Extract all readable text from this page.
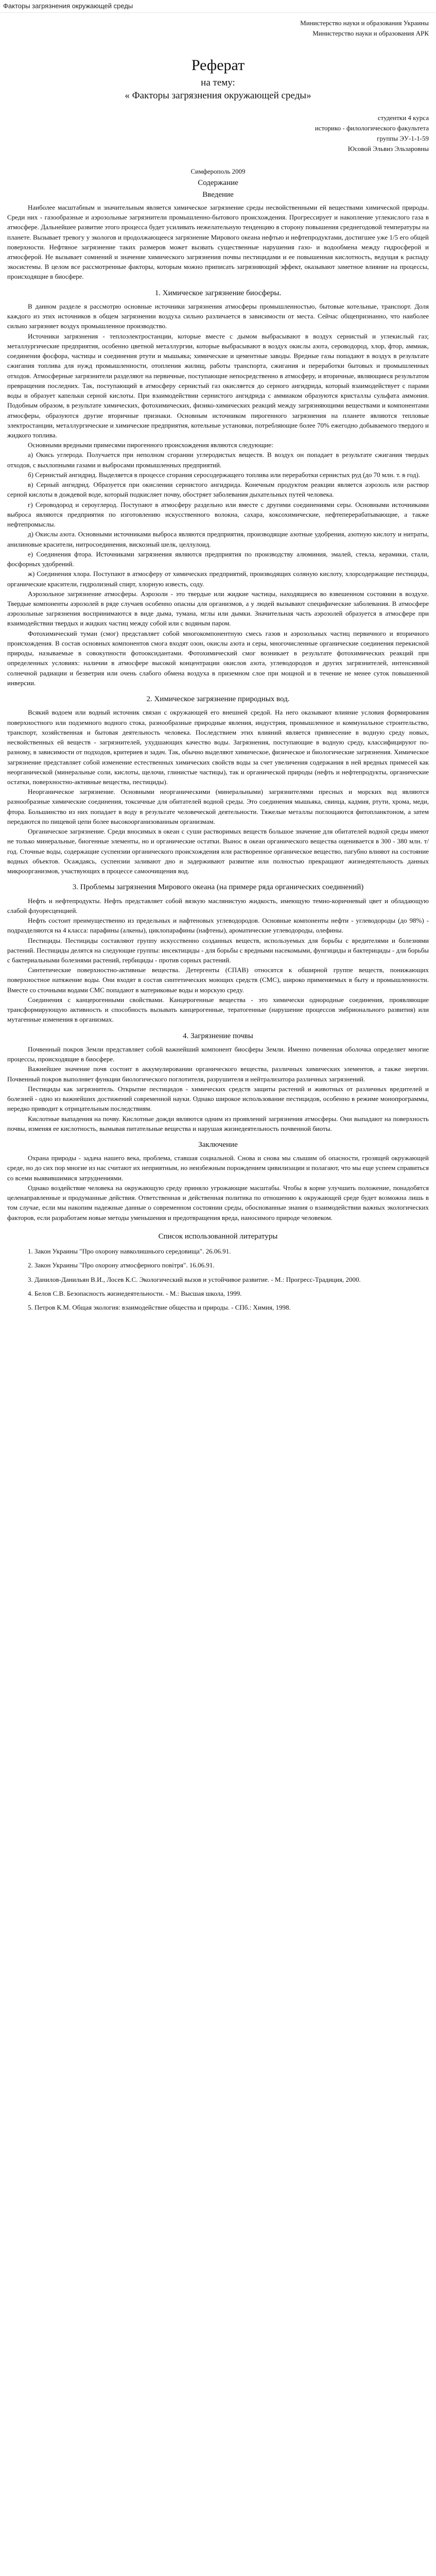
Факторы загрязнения окружающей среды
Министерство науки и образования Украины
Министерство науки и образования АРК
Реферат
на тему:
« Факторы загрязнения окружающей среды»
студентки 4 курса
историко - филологического факультета
группы ЭУ-1-1-59
Юсовой Эльвиз Эльзаровны
Симферополь 2009
Содержание
Введение

Наиболее масштабным и значительным является химическое загрязнение среды несвойственными ей веществами химической природы. Среди них - газообразные и аэрозольные загрязнители промышленно-бытового происхождения. Прогрессирует и накопление углекислого газа в атмосфере. Дальнейшее развитие этого процесса будет усиливать нежелательную тенденцию в сторону повышения среднегодовой температуры на планете. Вызывает тревогу у экологов и продолжающееся загрязнение Мирового океана нефтью и нефтепродуктами, достигшее уже 1/5 его общей поверхности. Нефтяное загрязнение таких размеров может вызвать существенные нарушения газо- и водообмена между гидросферой и атмосферой. Не вызывает сомнений и значение химического загрязнения почвы пестицидами и ее повышенная кислотность, ведущая к распаду экосистемы. В целом все рассмотренные факторы, которым можно приписать загрязняющий эффект, оказывают заметное влияние на процессы, происходящие в биосфере.

1. Химическое загрязнение биосферы.

В данном разделе я рассмотрю основные источники загрязнения атмосферы промышленностью, бытовые котельные, транспорт. Доля каждого из этих источников в общем загрязнении воздуха сильно различается в зависимости от места. Сейчас общепризнанно, что наиболее сильно загрязняет воздух промышленное производство.

Источники загрязнения - теплоэлектростанции, которые вместе с дымом выбрасывают в воздух сернистый и углекислый газ; металлургические предприятия, особенно цветной металлургии, которые выбрасывают в воздух окислы азота, сероводород, хлор, фтор, аммиак, соединения фосфора, частицы и соединения ртути и мышьяка; химические и цементные заводы. Вредные газы попадают в воздух в результате сжигания топлива для нужд промышленности, отопления жилищ, работы транспорта, сжигания и переработки бытовых и промышленных отходов. Атмосферные загрязнители разделяют на первичные, поступающие непосредственно в атмосферу, и вторичные, являющиеся результатом превращения последних. Так, поступающий в атмосферу сернистый газ окисляется до серного ангидрида, который взаимодействует с парами воды и образует капельки серной кислоты. При взаимодействии сернистого ангидрида с аммиаком образуются кристаллы сульфата аммония. Подобным образом, в результате химических, фотохимических, физико-химических реакций между загрязняющими веществами и компонентами атмосферы, образуются другие вторичные признаки. Основным источником пирогенного загрязнения на планете являются тепловые электростанции, металлургические и химические предприятия, котельные установки, потребляющие более 70% ежегодно добываемого твердого и жидкого топлива.

Основными вредными примесями пирогенного происхождения являются следующие:

а) Окись углерода. Получается при неполном сгорании углеродистых веществ. В воздух он попадает в результате сжигания твердых отходов, с выхлопными газами и выбросами промышленных предприятий.

б) Сернистый ангидрид. Выделяется в процессе сгорания серосодержащего топлива или переработки сернистых руд (до 70 млн. т. в год).

в) Серный ангидрид. Образуется при окислении сернистого ангидрида. Конечным продуктом реакции является аэрозоль или раствор серной кислоты в дождевой воде, который подкисляет почву, обостряет заболевания дыхательных путей человека.

г) Сероводород и сероуглерод. Поступают в атмосферу раздельно или вместе с другими соединениями серы. Основными источниками выброса являются предприятия по изготовлению искусственного волокна, сахара, коксохимические, нефтеперерабатывающие, а также нефтепромыслы.

д) Окислы азота. Основными источниками выброса являются предприятия, производящие азотные удобрения, азотную кислоту и нитраты, анилиновые красители, нитросоединения, вискозный шелк, целлулоид.

е) Соединения фтора. Источниками загрязнения являются предприятия по производству алюминия, эмалей, стекла, керамики, стали, фосфорных удобрений.

ж) Соединения хлора. Поступают в атмосферу от химических предприятий, производящих соляную кислоту, хлорсодержащие пестициды, органические красители, гидролизный спирт, хлорную известь, соду.

Аэрозольное загрязнение атмосферы. Аэрозоли - это твердые или жидкие частицы, находящиеся во взвешенном состоянии в воздухе. Твердые компоненты аэрозолей в ряде случаев особенно опасны для организмов, а у людей вызывают специфические заболевания. В атмосфере аэрозольные загрязнения воспринимаются в виде дыма, тумана, мглы или дымки. Значительная часть аэрозолей образуется в атмосфере при взаимодействии твердых и жидких частиц между собой или с водяным паром.

Фотохимический туман (смог) представляет собой многокомпонентную смесь газов и аэрозольных частиц первичного и вторичного происхождения. В состав основных компонентов смога входят озон, окислы азота и серы, многочисленные органические соединения перекисной природы, называемые в совокупности фотооксидантами. Фотохимический смог возникает в результате фотохимических реакций при определенных условиях: наличии в атмосфере высокой концентрации окислов азота, углеводородов и других загрязнителей, интенсивной солнечной радиации и безветрия или очень слабого обмена воздуха в приземном слое при мощной и в течение не менее суток повышенной инверсии.

2. Химическое загрязнение природных вод.

Всякий водоем или водный источник связан с окружающей его внешней средой. На него оказывают влияние условия формирования поверхностного или подземного водного стока, разнообразные природные явления, индустрия, промышленное и коммунальное строительство, транспорт, хозяйственная и бытовая деятельность человека. Последствием этих влияний является привнесение в водную среду новых, несвойственных ей веществ - загрязнителей, ухудшающих качество воды. Загрязнения, поступающие в водную среду, классифицируют по-разному, в зависимости от подходов, критериев и задач. Так, обычно выделяют химическое, физическое и биологические загрязнения. Химическое загрязнение представляет собой изменение естественных химических свойств воды за счет увеличения содержания в ней вредных примесей как неорганической (минеральные соли, кислоты, щелочи, глинистые частицы), так и органической природы (нефть и нефтепродукты, органические остатки, поверхностно-активные вещества, пестициды).

Неорганическое загрязнение. Основными неорганическими (минеральными) загрязнителями пресных и морских вод являются разнообразные химические соединения, токсичные для обитателей водной среды. Это соединения мышьяка, свинца, кадмия, ртути, хрома, меди, фтора. Большинство из них попадает в воду в результате человеческой деятельности. Тяжелые металлы поглощаются фитопланктоном, а затем передаются по пищевой цепи более высокоорганизованным организмам.

Органическое загрязнение. Среди вносимых в океан с суши растворимых веществ большое значение для обитателей водной среды имеют не только минеральные, биогенные элементы, но и органические остатки. Вынос в океан органического вещества оценивается в 300 - 380 млн. т/год. Сточные воды, содержащие суспензии органического происхождения или растворенное органическое вещество, пагубно влияют на состояние водных объектов. Осаждаясь, суспензии заливают дно и задерживают развитие или полностью прекращают жизнедеятельность данных микроорганизмов, участвующих в процессе самоочищения вод.

3. Проблемы загрязнения Мирового океана (на примере ряда органических соединений)

Нефть и нефтепродукты. Нефть представляет собой вязкую маслянистую жидкость, имеющую темно-коричневый цвет и обладающую слабой флуоресценцией.

Нефть состоит преимущественно из предельных и нафтеновых углеводородов. Основные компоненты нефти - углеводороды (до 98%) - подразделяются на 4 класса: парафины (алкены), циклопарафины (нафтены), ароматические углеводороды, олефины.

Пестициды. Пестициды составляют группу искусственно созданных веществ, используемых для борьбы с вредителями и болезнями растений. Пестициды делятся на следующие группы: инсектициды - для борьбы с вредными насекомыми, фунгициды и бактерициды - для борьбы с бактериальными болезнями растений, гербициды - против сорных растений.

Синтетические поверхностно-активные вещества. Детергенты (СПАВ) относятся к обширной группе веществ, понижающих поверхностное натяжение воды. Они входят в состав синтетических моющих средств (СМС), широко применяемых в быту и промышленности. Вместе со сточными водами СМС попадают в материковые воды и морскую среду.

Соединения с канцерогенными свойствами. Канцерогенные вещества - это химически однородные соединения, проявляющие трансформирующую активность и способность вызывать канцерогенные, тератогенные (нарушение процессов эмбрионального развития) или мутагенные изменения в организмах.

4. Загрязнение почвы

Почвенный покров Земли представляет собой важнейший компонент биосферы Земли. Именно почвенная оболочка определяет многие процессы, происходящие в биосфере.

Важнейшее значение почв состоит в аккумулировании органического вещества, различных химических элементов, а также энергии. Почвенный покров выполняет функции биологического поглотителя, разрушителя и нейтрализатора различных загрязнений.

Пестициды как загрязнитель. Открытие пестицидов - химических средств защиты растений и животных от различных вредителей и болезней - одно из важнейших достижений современной науки. Однако широкое использование пестицидов, особенно в режиме монопрограммы, нередко приводит к отрицательным последствиям.

Кислотные выпадения на почву. Кислотные дожди являются одним из проявлений загрязнения атмосферы. Они выпадают на поверхность почвы, изменяя ее кислотность, вымывая питательные вещества и нарушая жизнедеятельность почвенной биоты.

Заключение

Охрана природы - задача нашего века, проблема, ставшая социальной. Снова и снова мы слышим об опасности, грозящей окружающей среде, но до сих пор многие из нас считают их неприятным, но неизбежным порождением цивилизации и полагают, что мы еще успеем справиться со всеми выявившимися затруднениями.

Однако воздействие человека на окружающую среду приняло угрожающие масштабы. Чтобы в корне улучшить положение, понадобятся целенаправленные и продуманные действия. Ответственная и действенная политика по отношению к окружающей среде будет возможна лишь в том случае, если мы накопим надежные данные о современном состоянии среды, обоснованные знания о взаимодействии важных экологических факторов, если разработаем новые методы уменьшения и предотвращения вреда, наносимого природе человеком.

Список использованной литературы

1. Закон Украины "Про охорону навколишнього середовища". 26.06.91.

2. Закон Украины "Про охорону атмосферного повiтря". 16.06.91.

3. Данилов-Данильян В.И., Лосев К.С. Экологический вызов и устойчивое развитие. - М.: Прогресс-Традиция, 2000.

4. Белов С.В. Безопасность жизнедеятельности. - М.: Высшая школа, 1999.

5. Петров К.М. Общая экология: взаимодействие общества и природы. - СПб.: Химия, 1998.
